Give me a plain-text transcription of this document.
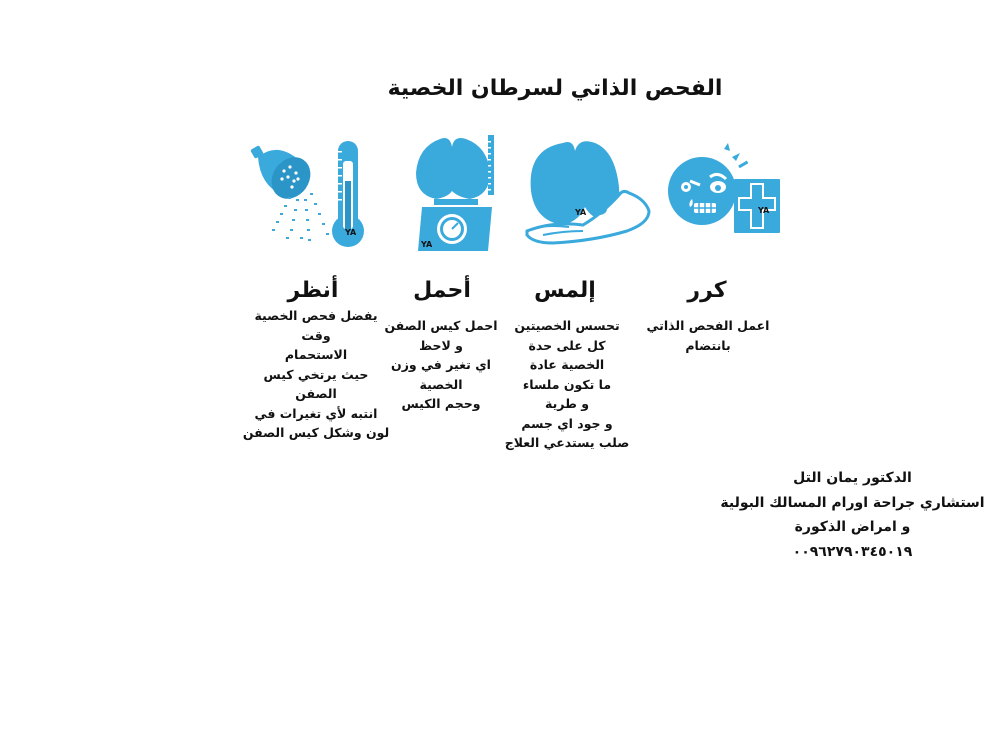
الفحص الذاتي لسرطان الخصية
YA
YA
YA	YA
أنظر
يفضل فحص الخصية
وقت
الاستحمام
حيث يرتخي كيس
الصفن
انتبه لأي تغيرات في
لون وشكل كيس الصفن
أحمل
احمل كيس الصفن
و لاحظ
اي تغير في وزن
الخصية
وحجم الكيس
إلمس
تحسس الخصيتين
كل على حدة
الخصية عادة
ما تكون ملساء
و طرية
و جود اي جسم
صلب يستدعي العلاج
كرر
اعمل الفحص الذاتي
بانتضام
الدكتور يمان التل
استشاري جراحة اورام المسالك البولية
و امراض الذكورة
٠٠٩٦٢٧٩٠٣٤٥٠١٩
